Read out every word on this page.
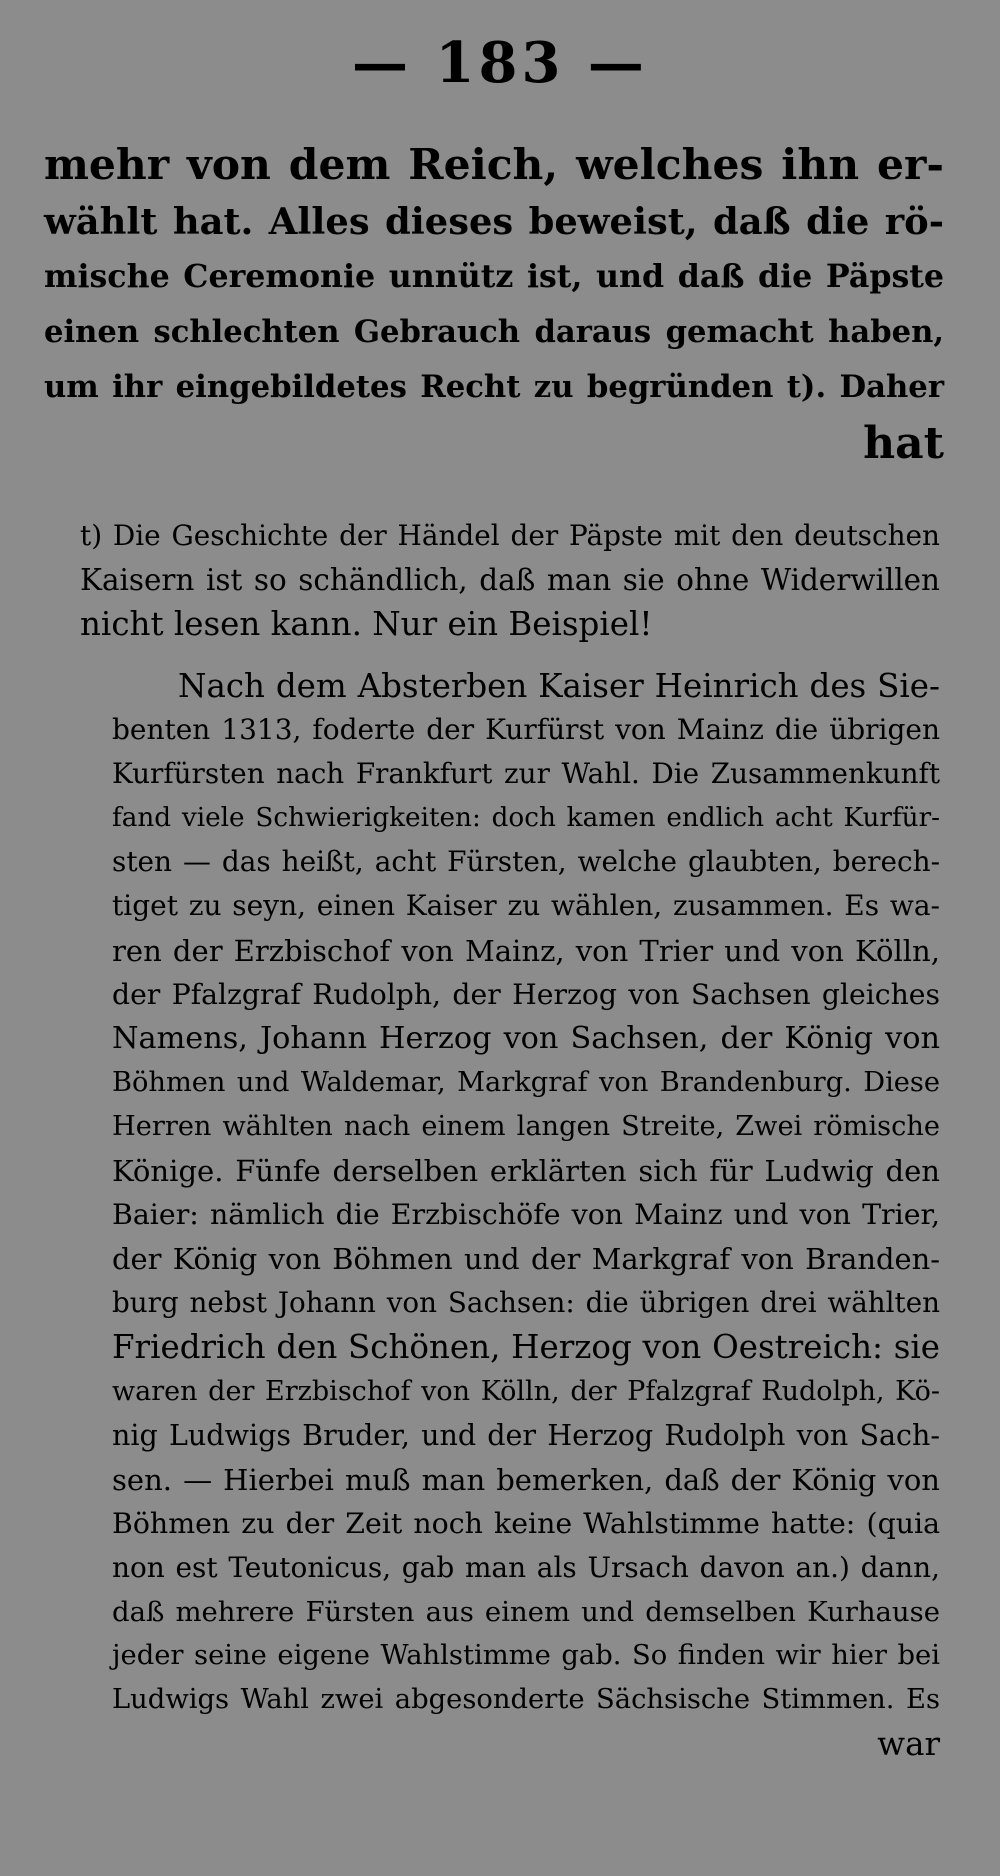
— 183 —
mehr von dem Reich, welches ihn er-
wählt hat. Alles dieses beweist, daß die rö-
mische Ceremonie unnütz ist, und daß die Päpste
einen schlechten Gebrauch daraus gemacht haben,
um ihr eingebildetes Recht zu begründen t). Daher
hat
t) Die Geschichte der Händel der Päpste mit den deutschen
Kaisern ist so schändlich, daß man sie ohne Widerwillen
nicht lesen kann. Nur ein Beispiel!
Nach dem Absterben Kaiser Heinrich des Sie-
benten 1313, foderte der Kurfürst von Mainz die übrigen
Kurfürsten nach Frankfurt zur Wahl. Die Zusammenkunft
fand viele Schwierigkeiten: doch kamen endlich acht Kurfür-
sten — das heißt, acht Fürsten, welche glaubten, berech-
tiget zu seyn, einen Kaiser zu wählen, zusammen. Es wa-
ren der Erzbischof von Mainz, von Trier und von Kölln,
der Pfalzgraf Rudolph, der Herzog von Sachsen gleiches
Namens, Johann Herzog von Sachsen, der König von
Böhmen und Waldemar, Markgraf von Brandenburg. Diese
Herren wählten nach einem langen Streite, Zwei römische
Könige. Fünfe derselben erklärten sich für Ludwig den
Baier: nämlich die Erzbischöfe von Mainz und von Trier,
der König von Böhmen und der Markgraf von Branden-
burg nebst Johann von Sachsen: die übrigen drei wählten
Friedrich den Schönen, Herzog von Oestreich: sie
waren der Erzbischof von Kölln, der Pfalzgraf Rudolph, Kö-
nig Ludwigs Bruder, und der Herzog Rudolph von Sach-
sen. — Hierbei muß man bemerken, daß der König von
Böhmen zu der Zeit noch keine Wahlstimme hatte: (quia
non est Teutonicus, gab man als Ursach davon an.) dann,
daß mehrere Fürsten aus einem und demselben Kurhause
jeder seine eigene Wahlstimme gab. So finden wir hier bei
Ludwigs Wahl zwei abgesonderte Sächsische Stimmen. Es
war
